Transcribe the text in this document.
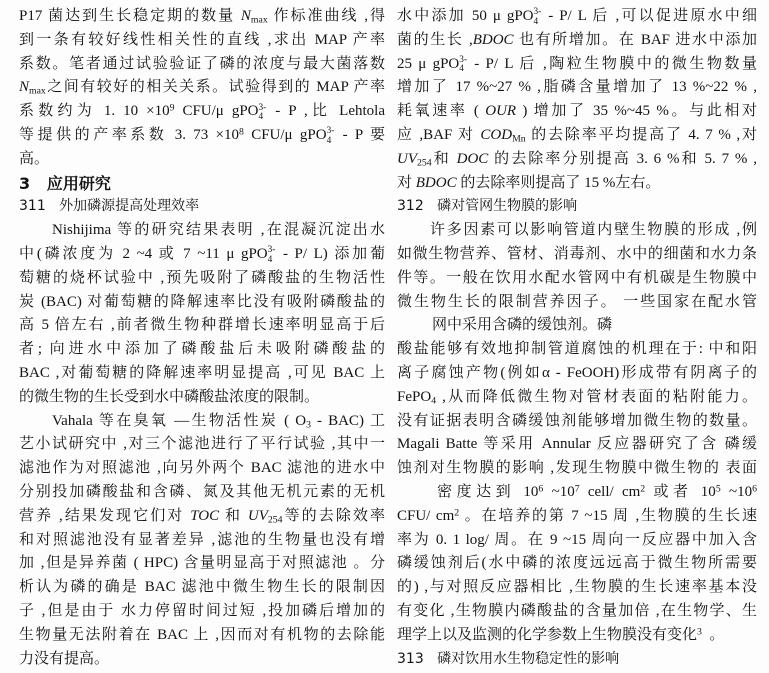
P17 菌达到生长稳定期的数量 $N_{max}$ 作标准曲线 ,得
到一条有较好线性相关性的直线 ,求出 MAP 产率
系数。笔者通过试验验证了磷的浓度与最大菌落数
$N_{max}$之间有较好的相关关系。试验得到的 MAP 产率
系数约为 1. $10 \times 10^9$ CFU/μ gPO 3-
4 - P ,比 Lehtola
等提供的产率系数 3. $73 \times 10^8$ CFU/μ gPO 3-
4 - P 要
高。
3   应用研究
311   外加磷源提高处理效率
Nishijima 等的研究结果表明 ,在混凝沉淀出水
中(磷浓度为 2 ~4 或 7 ~11 μ gPO 3-
4 - P/ L) 添加葡
萄糖的烧杯试验中 ,预先吸附了磷酸盐的生物活性
炭 (BAC) 对葡萄糖的降解速率比没有吸附磷酸盐的
高 5 倍左右 ,前者微生物种群增长速率明显高于后
者; 向进水中添加了磷酸盐后未吸附磷酸盐的
BAC ,对葡萄糖的降解速率明显提高 ,可见 BAC 上
的微生物的生长受到水中磷酸盐浓度的限制。
Vahala 等在臭氧 —生物活性炭 ( $O_3 - BAC$) 工
艺小试研究中 ,对三个滤池进行了平行试验 ,其中一
滤池作为对照滤池 ,向另外两个 BAC 滤池的进水中
分别投加磷酸盐和含磷、氮及其他无机元素的无机
营养 ,结果发现它们对 TOC 和 $UV_{254}$等的去除效率
和对照滤池没有显著差异 ,滤池的生物量也没有增
加 ,但是异养菌 ( HPC) 含量明显高于对照滤池 。分
析认为磷的确是 BAC 滤池中微生物生长的限制因
子 ,但是由于 水力停留时间过短 ,投加磷后增加的
生物量无法附着在 BAC 上 ,因而对有机物的去除能
力没有提高。
水中添加 50 μ gPO 3-
4 - P/ L 后 ,可以促进原水中细
菌的生长 ,BDOC 也有所增加。在 BAF 进水中添加
25 μ gPO 3-
4 - P/ L 后 ,陶粒生物膜中的微生物数量
增加了 17 %~27 % ,脂磷含量增加了 13 %~22 % ,
耗氧速率 ( OUR ) 增加了 35 %~45 %。与此相对
应 ,BAF 对 $COD_{Mn}$ 的去除率平均提高了 4. 7 % ,对
$UV_{254}$和 DOC 的去除率分别提高 3. 6 %和 5. 7 % ,
对 BDOC 的去除率则提高了 15 %左右。
312   磷对管网生物膜的影响
许多因素可以影响管道内壁生物膜的形成 ,例
如微生物营养、管材、消毒剂、水中的细菌和水力条
件等。一般在饮用水配水管网中有机碳是生物膜中
微生物生长的限制营养因子。 一些国家在配水管
网中采用含磷的缓蚀剂。磷
酸盐能够有效地抑制管道腐蚀的机理在于: 中和阳
离子腐蚀产物(例如α - FeOOH)形成带有阴离子的
FePO$_4$ ,从而降低微生物对管材表面的粘附能力。
没有证据表明含磷缓蚀剂能够增加微生物的数量。
Magali Batte 等采用 Annular 反应器研究了含 磷缓
蚀剂对生物膜的影响 ,发现生物膜中微生物的 表面
密度达到 $10^6$ $\sim 10^7$ cell/ $cm^2$ 或者 $10^5$ $\sim 10^6$
CFU/ $cm^2$ 。在培养的第 7 ~15 周 ,生物膜的生长速
率为 0. 1 log/ 周。在 9 ~15 周向一反应器中加入含
磷缓蚀剂后(水中磷的浓度远远高于微生物所需要
的) ,与对照反应器相比 ,生物膜的生长速率基本没
有变化 ,生物膜内磷酸盐的含量加倍 ,在生物学、生
理学上以及监测的化学参数上生物膜没有变化$^3$  。
313   磷对饮用水生物稳定性的影响
